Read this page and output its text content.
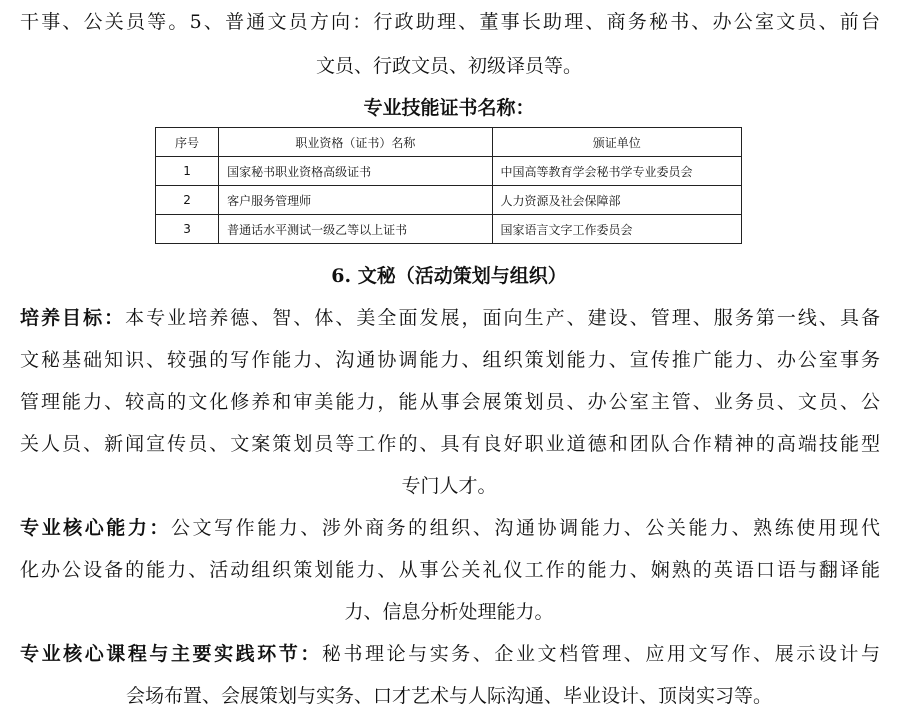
干事、公关员等。5、普通文员方向：行政助理、董事长助理、商务秘书、办公室文员、前台
文员、行政文员、初级译员等。
专业技能证书名称：
序号	职业资格（证书）名称	颁证单位
1	国家秘书职业资格高级证书	中国高等教育学会秘书学专业委员会
2	客户服务管理师	人力资源及社会保障部
3	普通话水平测试一级乙等以上证书	国家语言文字工作委员会
6. 文秘（活动策划与组织）
培养目标：本专业培养德、智、体、美全面发展，面向生产、建设、管理、服务第一线、具备
文秘基础知识、较强的写作能力、沟通协调能力、组织策划能力、宣传推广能力、办公室事务
管理能力、较高的文化修养和审美能力，能从事会展策划员、办公室主管、业务员、文员、公
关人员、新闻宣传员、文案策划员等工作的、具有良好职业道德和团队合作精神的高端技能型
专门人才。
专业核心能力：公文写作能力、涉外商务的组织、沟通协调能力、公关能力、熟练使用现代
化办公设备的能力、活动组织策划能力、从事公关礼仪工作的能力、娴熟的英语口语与翻译能
力、信息分析处理能力。
专业核心课程与主要实践环节：秘书理论与实务、企业文档管理、应用文写作、展示设计与
会场布置、会展策划与实务、口才艺术与人际沟通、毕业设计、顶岗实习等。
